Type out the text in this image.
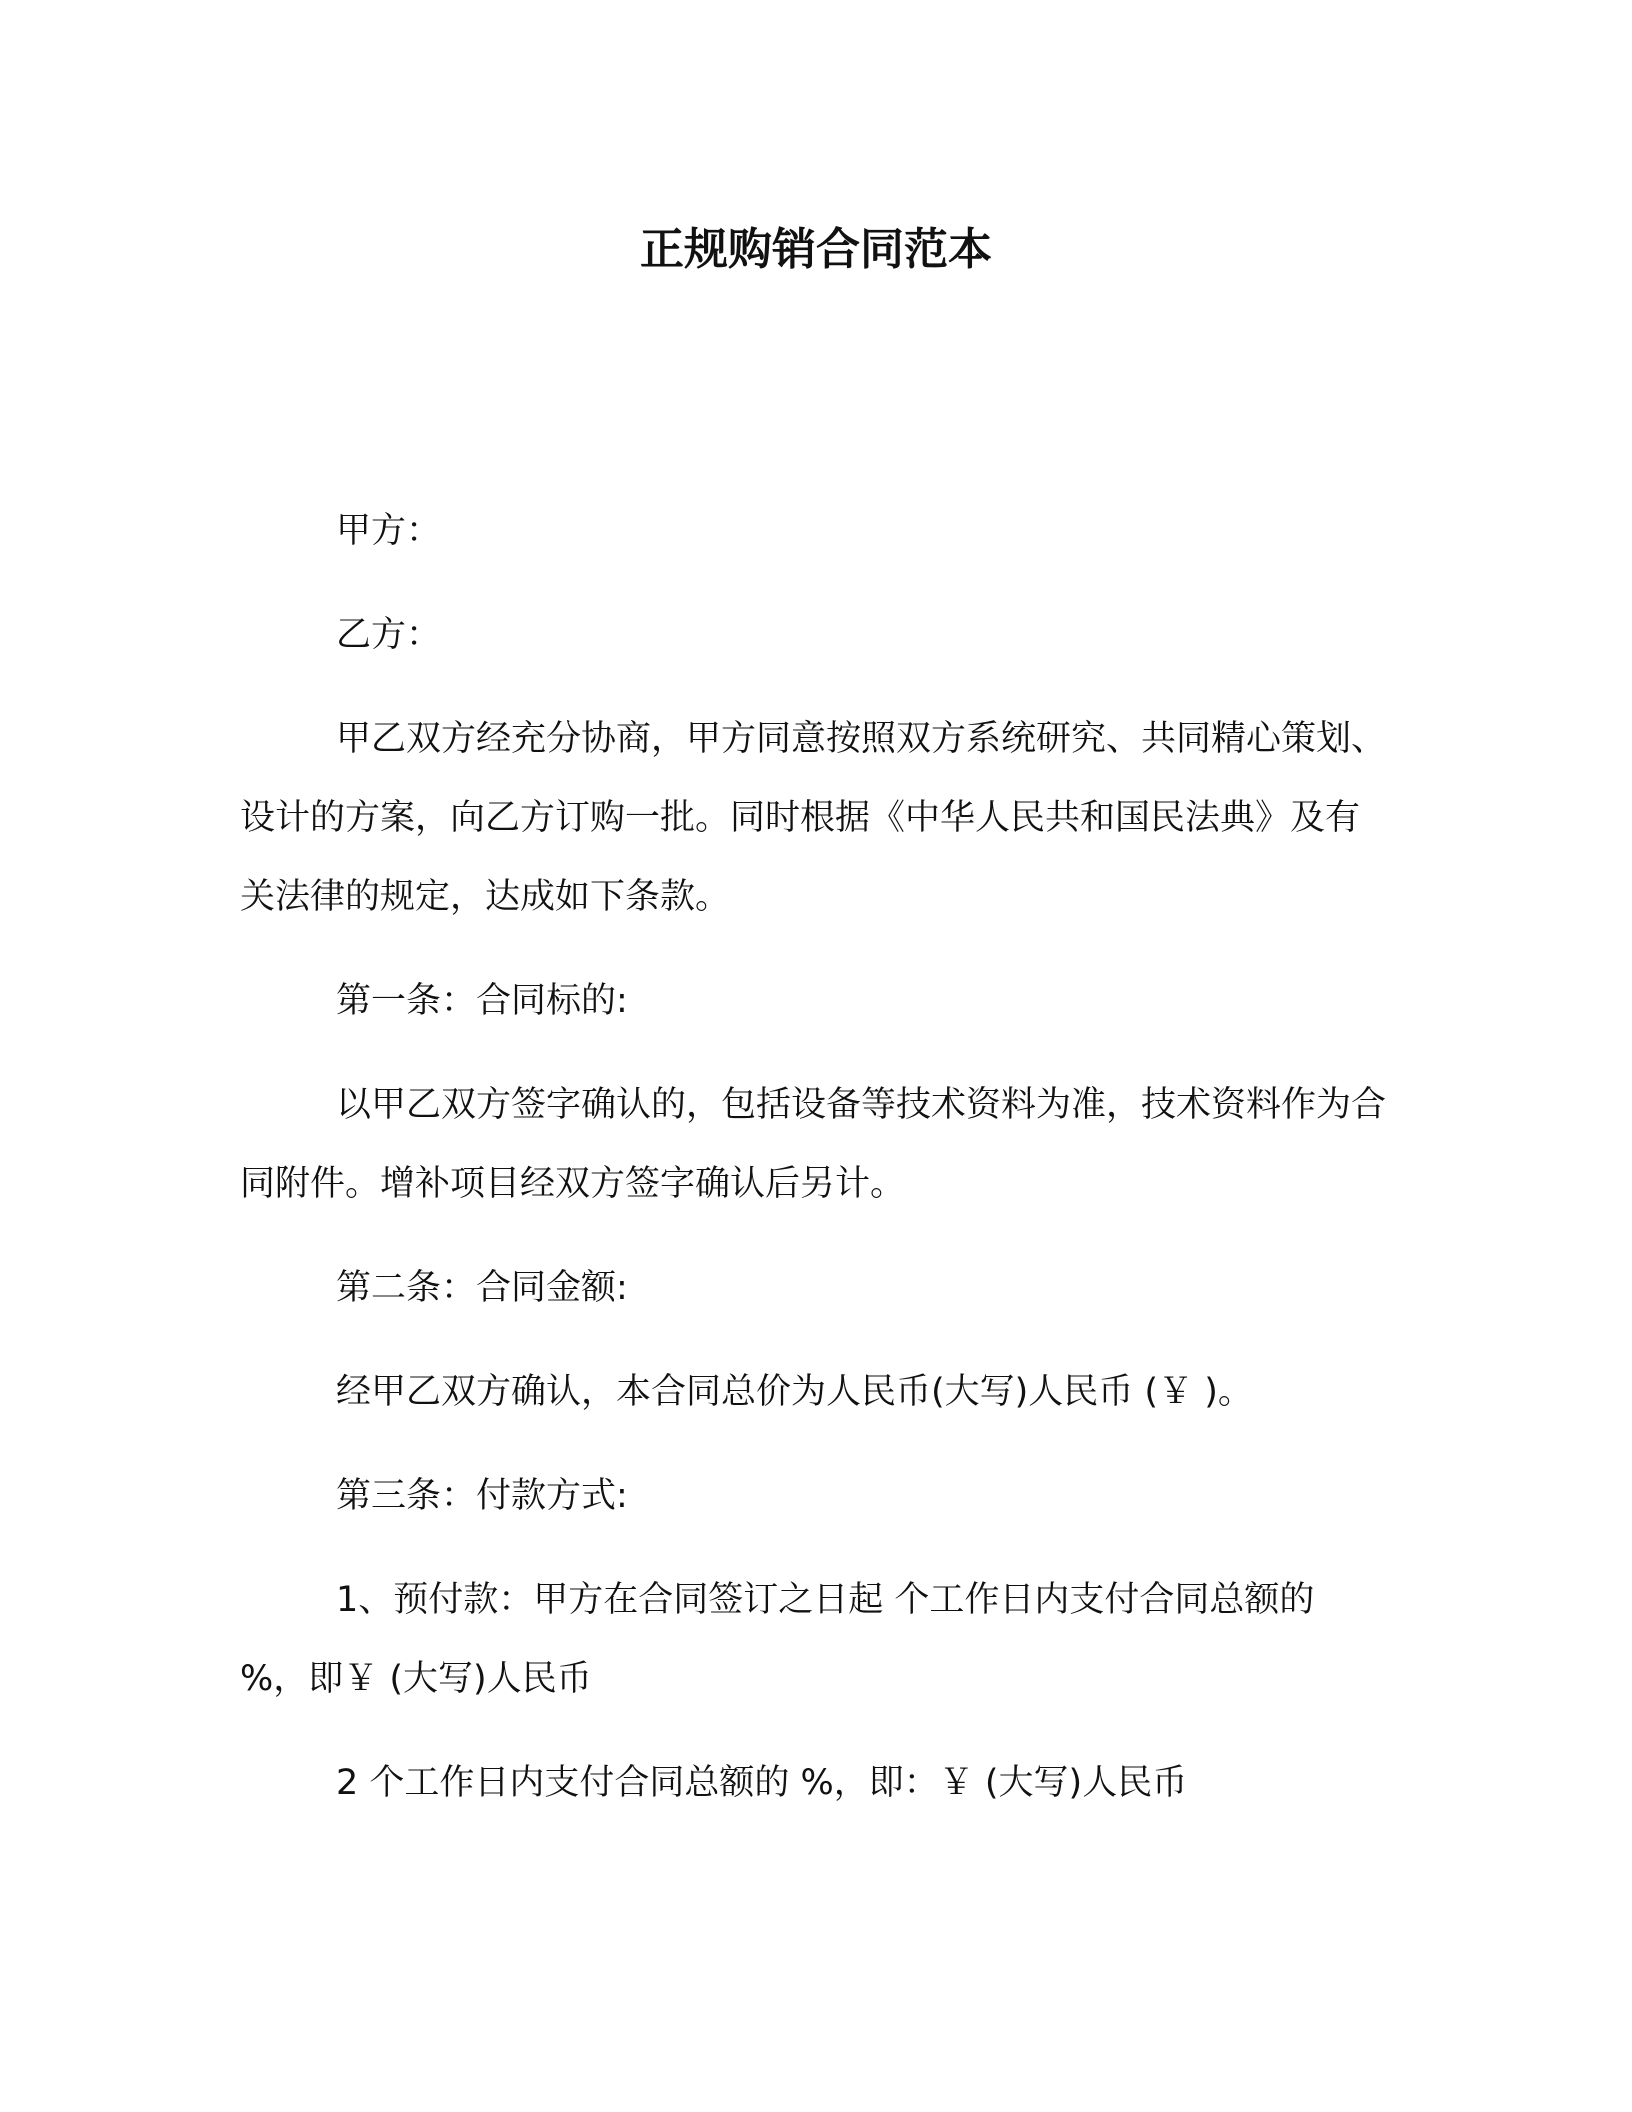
正规购销合同范本

甲方：

乙方：

甲乙双方经充分协商，甲方同意按照双方系统研究、共同精心策划、设计的方案，向乙方订购一批。同时根据《中华人民共和国民法典》及有关法律的规定，达成如下条款。

第一条：合同标的:

以甲乙双方签字确认的，包括设备等技术资料为准，技术资料作为合同附件。增补项目经双方签字确认后另计。

第二条：合同金额:

经甲乙双方确认，本合同总价为人民币(大写)人民币 (￥ )。

第三条：付款方式:

1、预付款：甲方在合同签订之日起 个工作日内支付合同总额的 %，即￥ (大写)人民币

2 个工作日内支付合同总额的 %，即：￥ (大写)人民币
